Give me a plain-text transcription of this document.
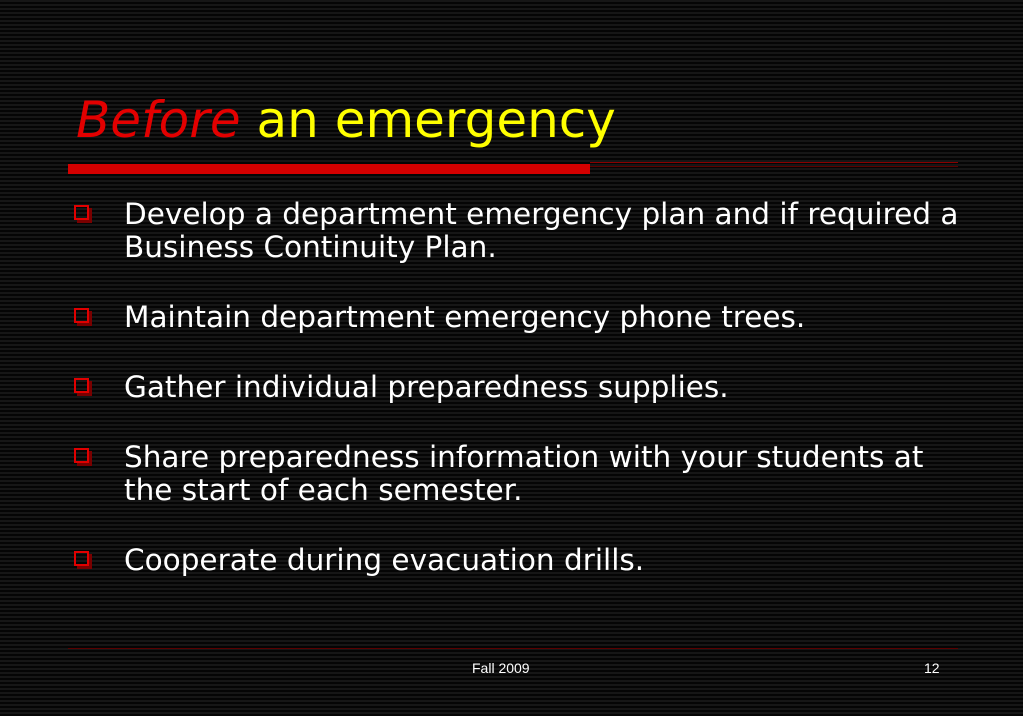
Before an emergency
Develop a department emergency plan and if required a Business Continuity Plan.
Maintain department emergency phone trees.
Gather individual preparedness supplies.
Share preparedness information with your students at the start of each semester.
Cooperate during evacuation drills.
Fall 2009	12
